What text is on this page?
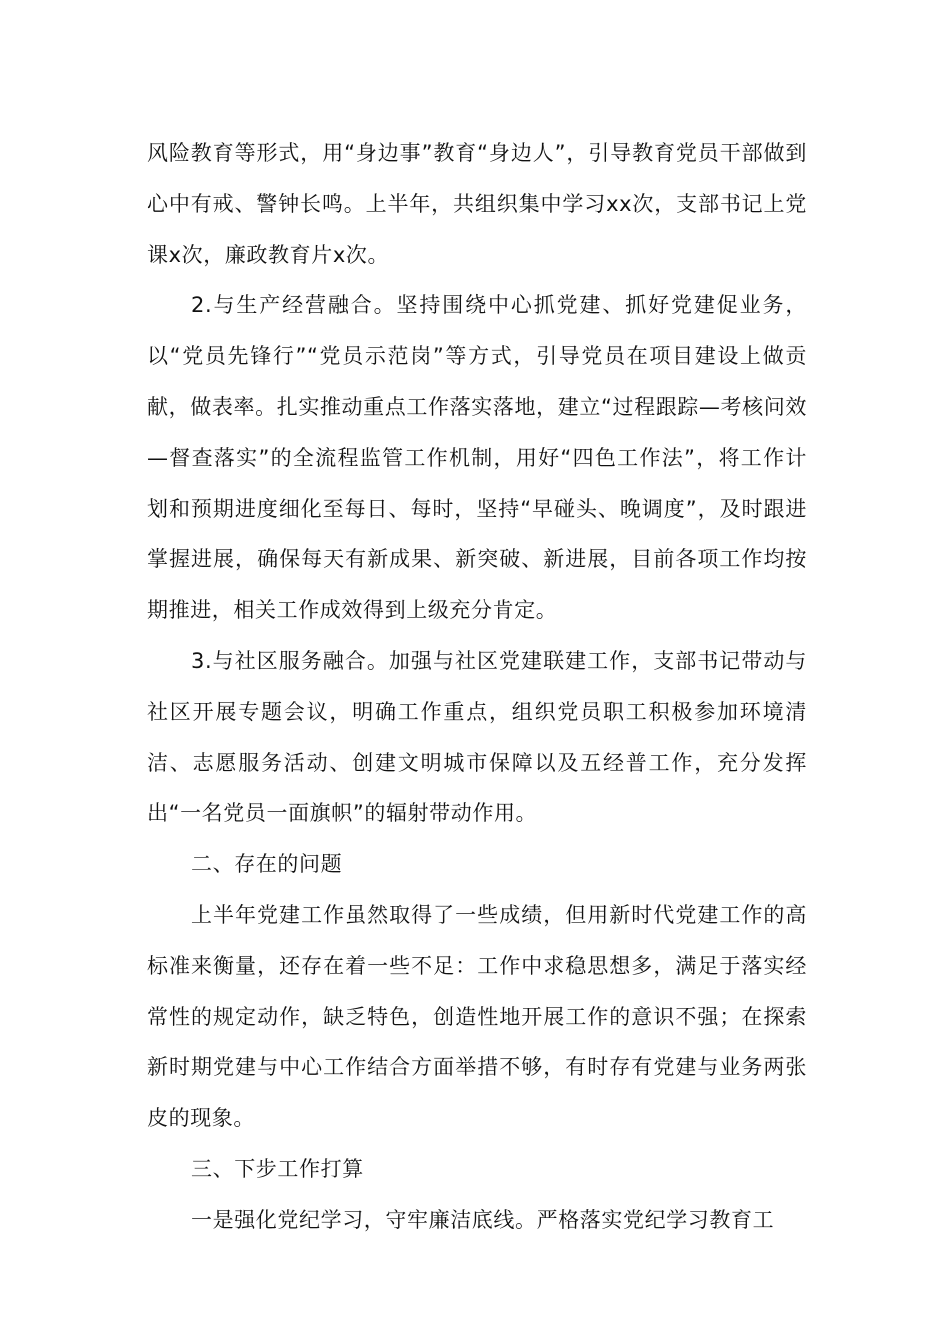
风险教育等形式，用“身边事”教育“身边人”，引导教育党员干部做到心中有戒、警钟长鸣。上半年，共组织集中学习xx次，支部书记上党课x次，廉政教育片x次。

2.与生产经营融合。坚持围绕中心抓党建、抓好党建促业务，以“党员先锋行”“党员示范岗”等方式，引导党员在项目建设上做贡献，做表率。扎实推动重点工作落实落地，建立“过程跟踪—考核问效—督查落实”的全流程监管工作机制，用好“四色工作法”，将工作计划和预期进度细化至每日、每时，坚持“早碰头、晚调度”，及时跟进掌握进展，确保每天有新成果、新突破、新进展，目前各项工作均按期推进，相关工作成效得到上级充分肯定。

3.与社区服务融合。加强与社区党建联建工作，支部书记带动与社区开展专题会议，明确工作重点，组织党员职工积极参加环境清洁、志愿服务活动、创建文明城市保障以及五经普工作，充分发挥出“一名党员一面旗帜”的辐射带动作用。

二、存在的问题

上半年党建工作虽然取得了一些成绩，但用新时代党建工作的高标准来衡量，还存在着一些不足：工作中求稳思想多，满足于落实经常性的规定动作，缺乏特色，创造性地开展工作的意识不强；在探索新时期党建与中心工作结合方面举措不够，有时存有党建与业务两张皮的现象。

三、下步工作打算

一是强化党纪学习，守牢廉洁底线。严格落实党纪学习教育工
